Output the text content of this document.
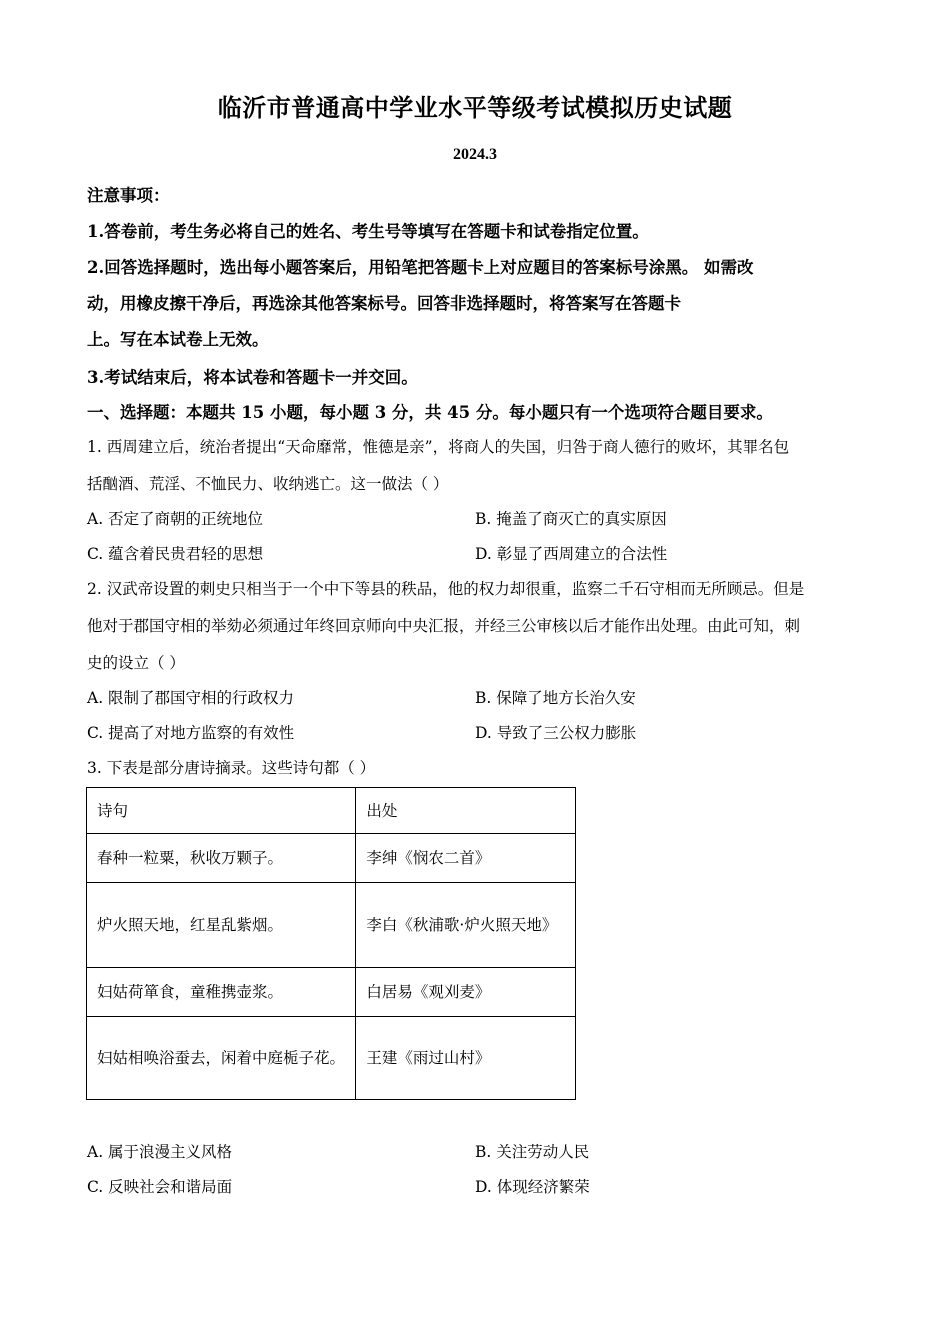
临沂市普通高中学业水平等级考试模拟历史试题
2024.3
注意事项：
1.答卷前，考生务必将自己的姓名、考生号等填写在答题卡和试卷指定位置。
2.回答选择题时，选出每小题答案后，用铅笔把答题卡上对应题目的答案标号涂黑。 如需改
动，用橡皮擦干净后，再选涂其他答案标号。回答非选择题时，将答案写在答题卡
上。写在本试卷上无效。
3.考试结束后，将本试卷和答题卡一并交回。
一、选择题：本题共 15 小题，每小题 3 分，共 45 分。每小题只有一个选项符合题目要求。
1. 西周建立后，统治者提出“天命靡常，惟德是亲”，将商人的失国，归咎于商人德行的败坏，其罪名包
括酗酒、荒淫、不恤民力、收纳逃亡。这一做法（ ）
A. 否定了商朝的正统地位	B. 掩盖了商灭亡的真实原因
C. 蕴含着民贵君轻的思想	D. 彰显了西周建立的合法性
2. 汉武帝设置的刺史只相当于一个中下等县的秩品，他的权力却很重，监察二千石守相而无所顾忌。但是
他对于郡国守相的举劾必须通过年终回京师向中央汇报，并经三公审核以后才能作出处理。由此可知，刺
史的设立（ ）
A. 限制了郡国守相的行政权力	B. 保障了地方长治久安
C. 提高了对地方监察的有效性	D. 导致了三公权力膨胀
3. 下表是部分唐诗摘录。这些诗句都（ ）
诗句	出处
春种一粒粟，秋收万颗子。	李绅《悯农二首》
炉火照天地，红星乱紫烟。	李白《秋浦歌·炉火照天地》
妇姑荷箪食，童稚携壶浆。	白居易《观刈麦》
妇姑相唤浴蚕去，闲着中庭栀子花。	王建《雨过山村》
A. 属于浪漫主义风格	B. 关注劳动人民
C. 反映社会和谐局面	D. 体现经济繁荣
